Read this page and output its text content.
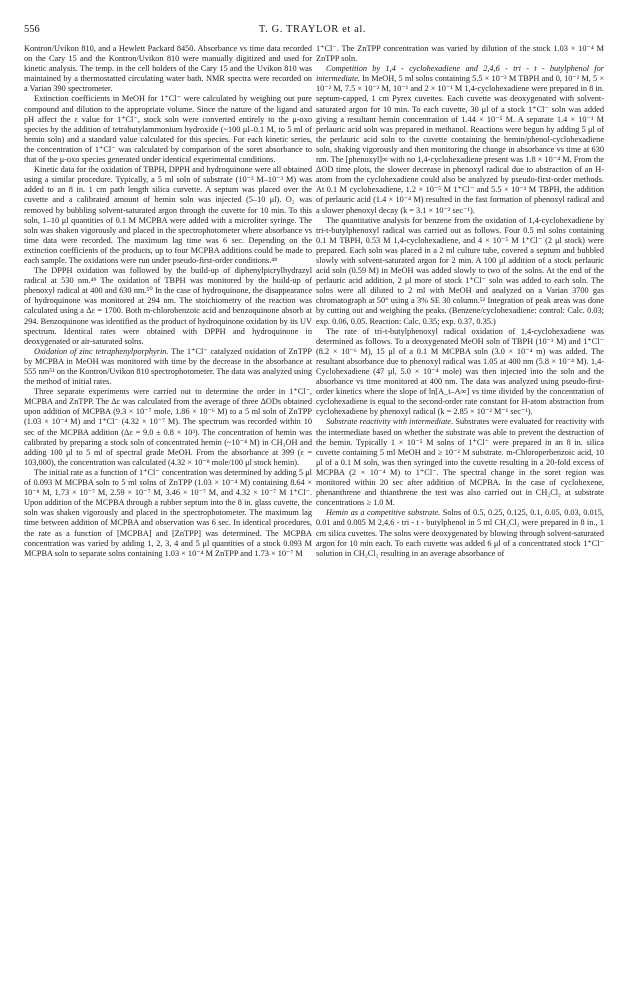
556	T. G. TRAYLOR et al.

Kontron/Uvikon 810, and a Hewlett Packard 8450. Absorbance vs time data recorded on the Cary 15 and the Kontron/Uvikon 810 were manually digitized and used for kinetic analysis. The temp. in the cell holders of the Cary 15 and the Uvikon 810 was maintained by a thermostatted circulating water bath. NMR spectra were recorded on a Varian 390 spectrometer.

Extinction coefficients in MeOH for 1⁺Cl⁻ were calculated by weighing out pure compound and dilution to the appropriate volume. Since the nature of the ligand and pH affect the ε value for 1⁺Cl⁻, stock soln were converted entirely to the μ-oxo species by the addition of tetrabutylammonium hydroxide (~100 μl–0.1 M, to 5 ml of hemin soln) and a standard value calculated for this species. For each kinetic series, the concentration of 1⁺Cl⁻ was calculated by comparison of the soret absorbance to that of the μ-oxo species generated under identical experimental conditions.

Kinetic data for the oxidation of TBPH, DPPH and hydroquinone were all obtained using a similar procedure. Typically, a 5 ml soln of substrate (10⁻² M–10⁻³ M) was added to an 8 in. 1 cm path length silica curvette. A septum was placed over the cuvette and a calibrated amount of hemin soln was injected (5–10 μl). O₂ was removed by bubbling solvent-saturated argon through the cuvette for 10 min. To this soln, 1–10 μl quantities of 0.1 M MCPBA were added with a microliter syringe. The soln was shaken vigorously and placed in the spectrophotometer where absorbance vs time data were recorded. The maximum lag time was 6 sec. Depending on the extinction coefficients of the products, up to four MCPBA additions could be made to each sample. The oxidations were run under pseudo-first-order conditions.⁴⁸

The DPPH oxidation was followed by the build-up of diphenylpicrylhydrazyl radical at 530 nm.⁴⁹ The oxidation of TBPH was monitored by the build-up of phenoxyl radical at 400 and 630 nm.⁵⁰ In the case of hydroquinone, the disappearance of hydroquinone was monitored at 294 nm. The stoichiometry of the reaction was calculated using a Δε = 1700. Both m-chlorobenzoic acid and benzoquinone absorb at 294. Benzoquinone was identified as the product of hydroquinone oxidation by its UV spectrum. Identical rates were obtained with DPPH and hydroquinone in deoxygenated or air-saturated solns.

Oxidation of zinc tetraphenylporphyrin. The 1⁺Cl⁻ catalyzed oxidation of ZnTPP by MCPBA in MeOH was monitored with time by the decrease in the absorbance at 555 nm⁵¹ on the Kontron/Uvikon 810 spectrophotometer. The data was analyzed using the method of initial rates.

Three separate experiments were carried out to determine the order in 1⁺Cl⁻, MCPBA and ZnTPP. The Δε was calculated from the average of three ΔODs obtained upon addition of MCPBA (9.3 × 10⁻⁷ mole, 1.86 × 10⁻⁶ M) to a 5 ml soln of ZnTPP (1.03 × 10⁻⁴ M) and 1⁺Cl⁻ (4.32 × 10⁻⁷ M). The spectrum was recorded within 10 sec of the MCPBA addition (Δε = 9.0 ± 0.8 × 10³). The concentration of hemin was calibrated by preparing a stock soln of concentrated hemin (~10⁻⁴ M) in CH₃OH and adding 100 μl to 5 ml of spectral grade MeOH. From the absorbance at 399 (ε = 103,000), the concentration was calculated (4.32 × 10⁻⁸ mole/100 μl stock hemin).

The initial rate as a function of 1⁺Cl⁻ concentration was determined by adding 5 μl of 0.093 M MCPBA soln to 5 ml solns of ZnTPP (1.03 × 10⁻⁴ M) containing 8.64 × 10⁻⁸ M, 1.73 × 10⁻⁷ M, 2.59 × 10⁻⁷ M, 3.46 × 10⁻⁷ M, and 4.32 × 10⁻⁷ M 1⁺Cl⁻. Upon addition of the MCPBA through a rubber septum into the 8 in. glass cuvette, the soln was shaken vigorously and placed in the spectrophotometer. The maximum lag time between addition of MCPBA and observation was 6 sec. In identical procedures, the rate as a function of [MCPBA] and [ZnTPP] was determined. The MCPBA concentration was varied by adding 1, 2, 3, 4 and 5 μl quantities of a stock 0.093 M MCPBA soln to separate solns containing 1.03 × 10⁻⁴ M ZnTPP and 1.73 × 10⁻⁷ M

1⁺Cl⁻. The ZnTPP concentration was varied by dilution of the stock 1.03 × 10⁻⁴ M ZnTPP soln.

Competition by 1,4 - cyclohexadiene and 2,4,6 - tri - t - butylphenol for intermediate. In MeOH, 5 ml solns containing 5.5 × 10⁻³ M TBPH and 0, 10⁻² M, 5 × 10⁻² M, 7.5 × 10⁻² M, 10⁻¹ and 2 × 10⁻¹ M 1,4-cyclohexadiene were prepared in 8 in. septum-capped, 1 cm Pyrex cuvettes. Each cuvette was deoxygenated with solvent-saturated argon for 10 min. To each cuvette, 30 μl of a stock 1⁺Cl⁻ soln was added giving a resultant hemin concentration of 1.44 × 10⁻⁵ M. A separate 1.4 × 10⁻¹ M perlauric acid soln was prepared in methanol. Reactions were begun by adding 5 μl of the perlauric acid soln to the cuvette containing the hemin/phenol-cyclohexadiene soln, shaking vigorously and then monitoring the change in absorbance vs time at 630 nm. The [phenoxyl]∞ with no 1,4-cyclohexadiene present was 1.8 × 10⁻⁴ M. From the ΔOD time plots, the slower decrease in phenoxyl radical due to abstraction of an H- atom from the cyclohexadiene could also be analyzed by pseudo-first-order methods. At 0.1 M cyclohexadiene, 1.2 × 10⁻⁵ M 1⁺Cl⁻ and 5.5 × 10⁻³ M TBPH, the addition of perlauric acid (1.4 × 10⁻⁴ M) resulted in the fast formation of phenoxyl radical and a slower phenoxyl decay (k = 3.1 × 10⁻² sec⁻¹).

The quantitative analysis for benzene from the oxidation of 1,4-cyclohexadiene by tri-t-butylphenoxyl radical was carried out as follows. Four 0.5 ml solns containing 0.1 M TBPH, 0.53 M 1,4-cyclohexadiene, and 4 × 10⁻⁵ M 1⁺Cl⁻ (2 μl stock) were prepared. Each soln was placed in a 2 ml culture tube, covered a septum and bubbled slowly with solvent-saturated argon for 2 min. A 100 μl addition of a stock perlauric acid soln (0.59 M) in MeOH was added slowly to two of the solns. At the end of the perlauric acid addition, 2 μl more of stock 1⁺Cl⁻ soln was added to each soln. The solns were all diluted to 2 ml with MeOH and analyzed on a Varian 3700 gas chromatograph at 50° using a 3% SE 30 column.⁵² Integration of peak areas was done by cutting out and weighing the peaks. (Benzene/cyclohexadiene: control: Calc. 0.03; exp. 0.06, 0.05. Reaction: Calc. 0.35; exp. 0.37, 0.35.)

The rate of tri-t-butylphenoxyl radical oxidation of 1,4-cyclohexadiene was determined as follows. To a deoxygenated MeOH soln of TBPH (10⁻³ M) and 1⁺Cl⁻ (8.2 × 10⁻⁶ M), 15 μl of a 0.1 M MCPBA soln (3.0 × 10⁻⁴ m) was added. The resultant absorbance due to phenoxyl radical was 1.05 at 400 nm (5.8 × 10⁻⁴ M). 1,4-Cyclohexadiene (47 μl, 5.0 × 10⁻⁴ mole) was then injected into the soln and the absorbance vs time monitored at 400 nm. The data was analyzed using pseudo-first-order kinetics where the slope of ln[A_t–A∞] vs time divided by the concentration of cyclohexadiene is equal to the second-order rate constant for H-atom abstraction from cyclohexadiene by phenoxyl radical (k = 2.85 × 10⁻² M⁻¹ sec⁻¹).

Substrate reactivity with intermediate. Substrates were evaluated for reactivity with the intermediate based on whether the substrate was able to prevent the destruction of the hemin. Typically 1 × 10⁻⁵ M solns of 1⁺Cl⁻ were prepared in an 8 in. silica cuvette containing 5 ml MeOH and ≥ 10⁻² M substrate. m-Chloroperbenzoic acid, 10 μl of a 0.1 M soln, was then syringed into the cuvette resulting in a 20-fold excess of MCPBA (2 × 10⁻⁴ M) to 1⁺Cl⁻. The spectral change in the soret region was monitored within 20 sec after addition of MCPBA. In the case of cyclohexene, phenanthrene and thianthrene the test was also carried out in CH₂Cl₂ at substrate concentrations ≥ 1.0 M.

Hemin as a competitive substrate. Solns of 0.5, 0.25, 0.125, 0.1, 0.05, 0.03, 0.015, 0.01 and 0.005 M 2,4,6 - tri - t - butylphenol in 5 ml CH₂Cl₂ were prepared in 8 in., 1 cm silica cuvettes. The solns were deoxygenated by blowing through solvent-saturated argon for 10 min each. To each cuvette was added 6 μl of a concentrated stock 1⁺Cl⁻ solution in CH₂Cl₂ resulting in an average absorbance of
